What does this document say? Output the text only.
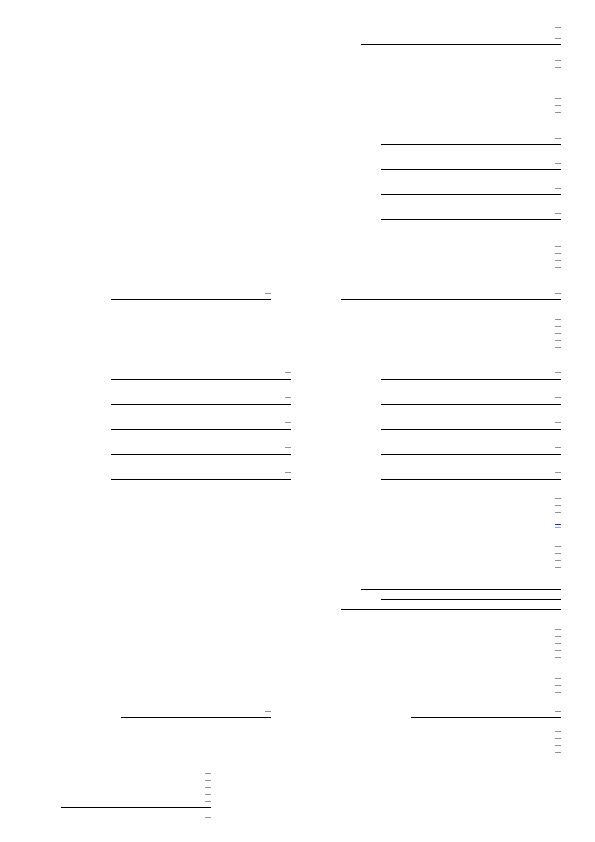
—
—
—
—
—
—
—
—
—
—
—
—
—
—
—
—
—
—
—
—
—
—
—
—
—
—
—
—
—
—
—
—
—
—
—
—
—
—
—
—
—
—
—
—
—
—
—
—
—
—
—
—
—
—
—
—
—
—
—
—
